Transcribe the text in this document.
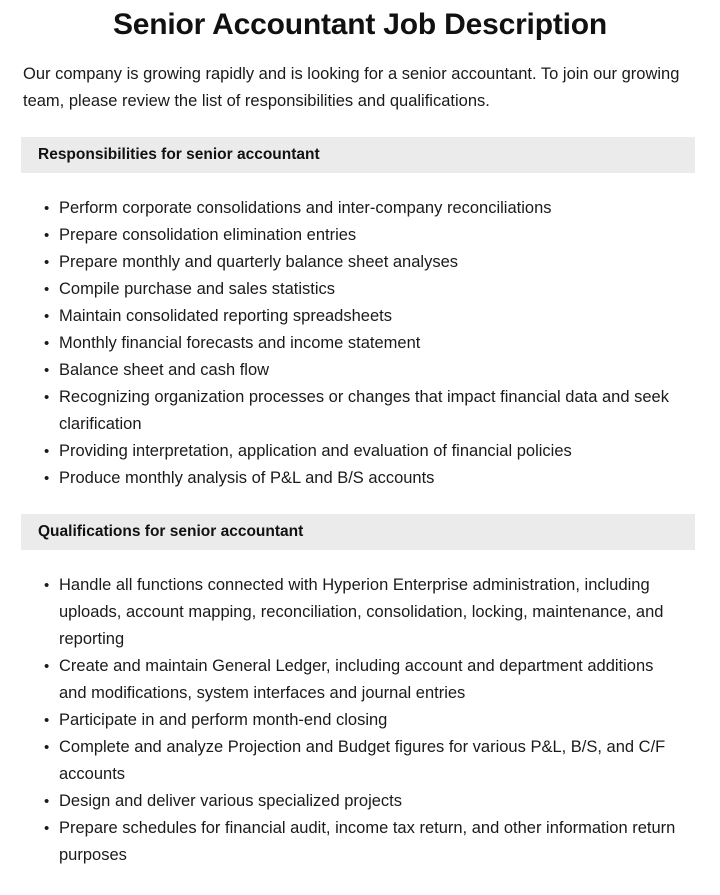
Senior Accountant Job Description

Our company is growing rapidly and is looking for a senior accountant. To join our growing team, please review the list of responsibilities and qualifications.

Responsibilities for senior accountant
• Perform corporate consolidations and inter-company reconciliations
• Prepare consolidation elimination entries
• Prepare monthly and quarterly balance sheet analyses
• Compile purchase and sales statistics
• Maintain consolidated reporting spreadsheets
• Monthly financial forecasts and income statement
• Balance sheet and cash flow
• Recognizing organization processes or changes that impact financial data and seek clarification
• Providing interpretation, application and evaluation of financial policies
• Produce monthly analysis of P&L and B/S accounts
Qualifications for senior accountant
• Handle all functions connected with Hyperion Enterprise administration, including uploads, account mapping, reconciliation, consolidation, locking, maintenance, and reporting
• Create and maintain General Ledger, including account and department additions and modifications, system interfaces and journal entries
• Participate in and perform month-end closing
• Complete and analyze Projection and Budget figures for various P&L, B/S, and C/F accounts
• Design and deliver various specialized projects
• Prepare schedules for financial audit, income tax return, and other information return purposes
